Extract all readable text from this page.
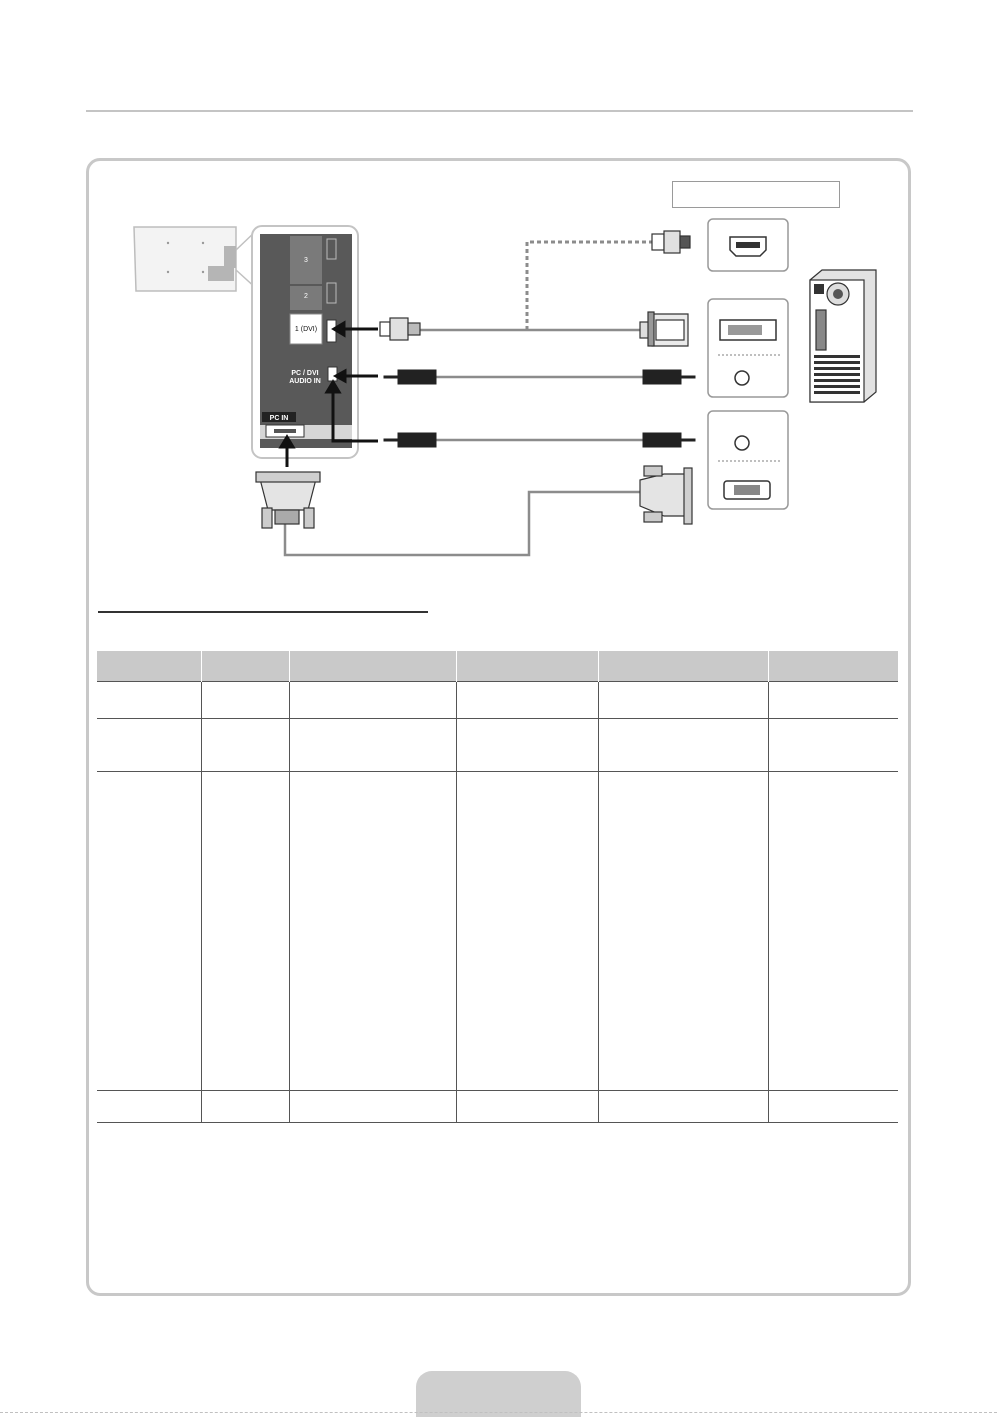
3
2
1 (DVI)
PC / DVI
AUDIO IN
PC IN
